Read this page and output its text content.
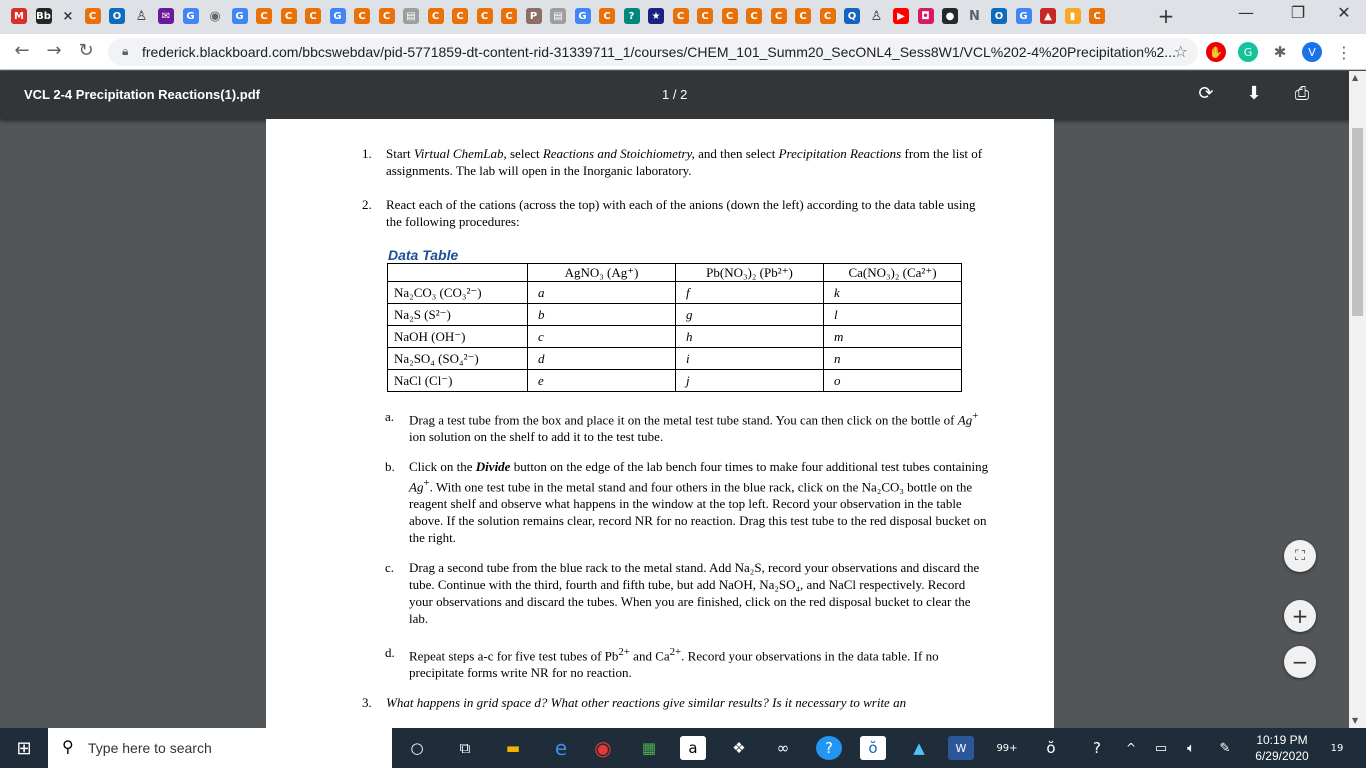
M	Bb ×	C	O ♙	✉	G ◉	G	C	C	C	G	C	C	▤	C	C	C	C	P	▤	G	C	?	★	C	C	C	C	C	C	C	Q ♙	▶	◘	● N	O	G	▲	▮	C	+	—	❐	✕
← → ↻	🔒︎ frederick.blackboard.com/bbcswebdav/pid-5771859-dt-content-rid-31339711_1/courses/CHEM_101_Summ20_SecONL4_Sess8W1/VCL%202-4%20Precipitation%2...
☆ ✋	G	✱	V	⋮
VCL 2-4 Precipitation Reactions(1).pdf	1 / 2	⟳ ⬇ ⎙
1. Start Virtual ChemLab, select Reactions and Stoichiometry, and then select Precipitation Reactions from the list of assignments. The lab will open in the Inorganic laboratory.
2. React each of the cations (across the top) with each of the anions (down the left) according to the data table using the following procedures:
Data Table
	AgNO₃ (Ag⁺)	Pb(NO₃)₂ (Pb²⁺)	Ca(NO₃)₂ (Ca²⁺)
Na₂CO₃ (CO₃²⁻)	a	f	k
Na₂S (S²⁻)	b	g	l
NaOH (OH⁻)	c	h	m
Na₂SO₄ (SO₄²⁻)	d	i	n
NaCl (Cl⁻)	e	j	o
a. Drag a test tube from the box and place it on the metal test tube stand. You can then click on the bottle of Ag+ ion solution on the shelf to add it to the test tube.
b. Click on the Divide button on the edge of the lab bench four times to make four additional test tubes containing Ag+. With one test tube in the metal stand and four others in the blue rack, click on the Na₂CO₃ bottle on the reagent shelf and observe what happens in the window at the top left. Record your observation in the table above. If the solution remains clear, record NR for no reaction. Drag this test tube to the red disposal bucket on the right.
c. Drag a second tube from the blue rack to the metal stand. Add Na₂S, record your observations and discard the tube. Continue with the third, fourth and fifth tube, but add NaOH, Na₂SO₄, and NaCl respectively. Record your observations and discard the tubes. When you are finished, click on the red disposal bucket to clear the lab.
d. Repeat steps a-c for five test tubes of $Pb^{2+}$ and $Ca^{2+}$. Record your observations in the data table. If no precipitate forms write NR for no reaction.
3. What happens in grid space d? What other reactions give similar results? Is it necessary to write an
▲
▼
⛶
+
−
⊞	⚲ Type here to search	○	⧉	▬	e	◉	▦	a	❖	∞	?	ŏ	▲	W	99+	ŏ	?	^	▭	🔈︎	✎
10:19 PM
6/29/2020
19
